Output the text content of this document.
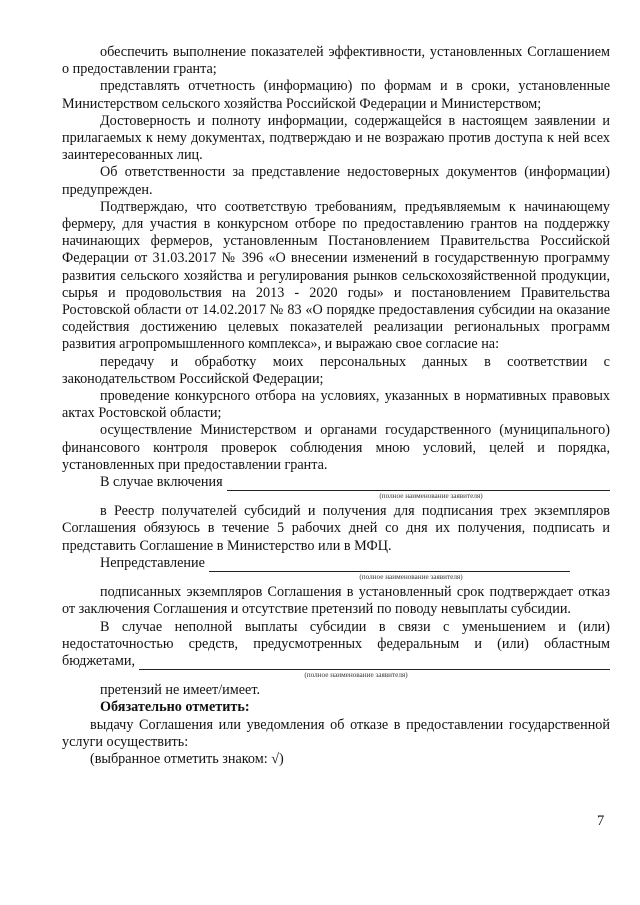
обеспечить выполнение показателей эффективности, установленных Соглашением о предоставлении гранта;

представлять отчетность (информацию) по формам и в сроки, установленные Министерством сельского хозяйства Российской Федерации и Министерством;

Достоверность и полноту информации, содержащейся в настоящем заявлении и прилагаемых к нему документах, подтверждаю и не возражаю против доступа к ней всех заинтересованных лиц.

Об ответственности за представление недостоверных документов (информации) предупрежден.

Подтверждаю, что соответствую требованиям, предъявляемым к начинающему фермеру, для участия в конкурсном отборе по предоставлению грантов на поддержку начинающих фермеров, установленным Постановлением Правительства Российской Федерации от 31.03.2017 № 396 «О внесении изменений в государственную программу развития сельского хозяйства и регулирования рынков сельскохозяйственной продукции, сырья и продовольствия на 2013 - 2020 годы» и постановлением Правительства Ростовской области от 14.02.2017 № 83 «О порядке предоставления субсидии на оказание содействия достижению целевых показателей реализации региональных программ развития агропромышленного комплекса», и выражаю свое согласие на:

передачу и обработку моих персональных данных в соответствии с законодательством Российской Федерации;

проведение конкурсного отбора на условиях, указанных в нормативных правовых актах Ростовской области;

осуществление Министерством и органами государственного (муниципального) финансового контроля проверок соблюдения мною условий, целей и порядка, установленных при предоставлении гранта.

В случае включения
(полное наименование заявителя)

в Реестр получателей субсидий и получения для подписания трех экземпляров Соглашения обязуюсь в течение 5 рабочих дней со дня их получения, подписать и представить Соглашение в Министерство или в МФЦ.

Непредставление
(полное наименование заявителя)

подписанных экземпляров Соглашения в установленный срок подтверждает отказ от заключения Соглашения и отсутствие претензий по поводу невыплаты субсидии.

В случае неполной выплаты субсидии в связи с уменьшением и (или) недостаточностью средств, предусмотренных федеральным и (или) областным

бюджетами,
(полное наименование заявителя)

претензий не имеет/имеет.

Обязательно отметить:

выдачу Соглашения или уведомления об отказе в предоставлении государственной услуги осуществить:

(выбранное отметить знаком: √)

7
